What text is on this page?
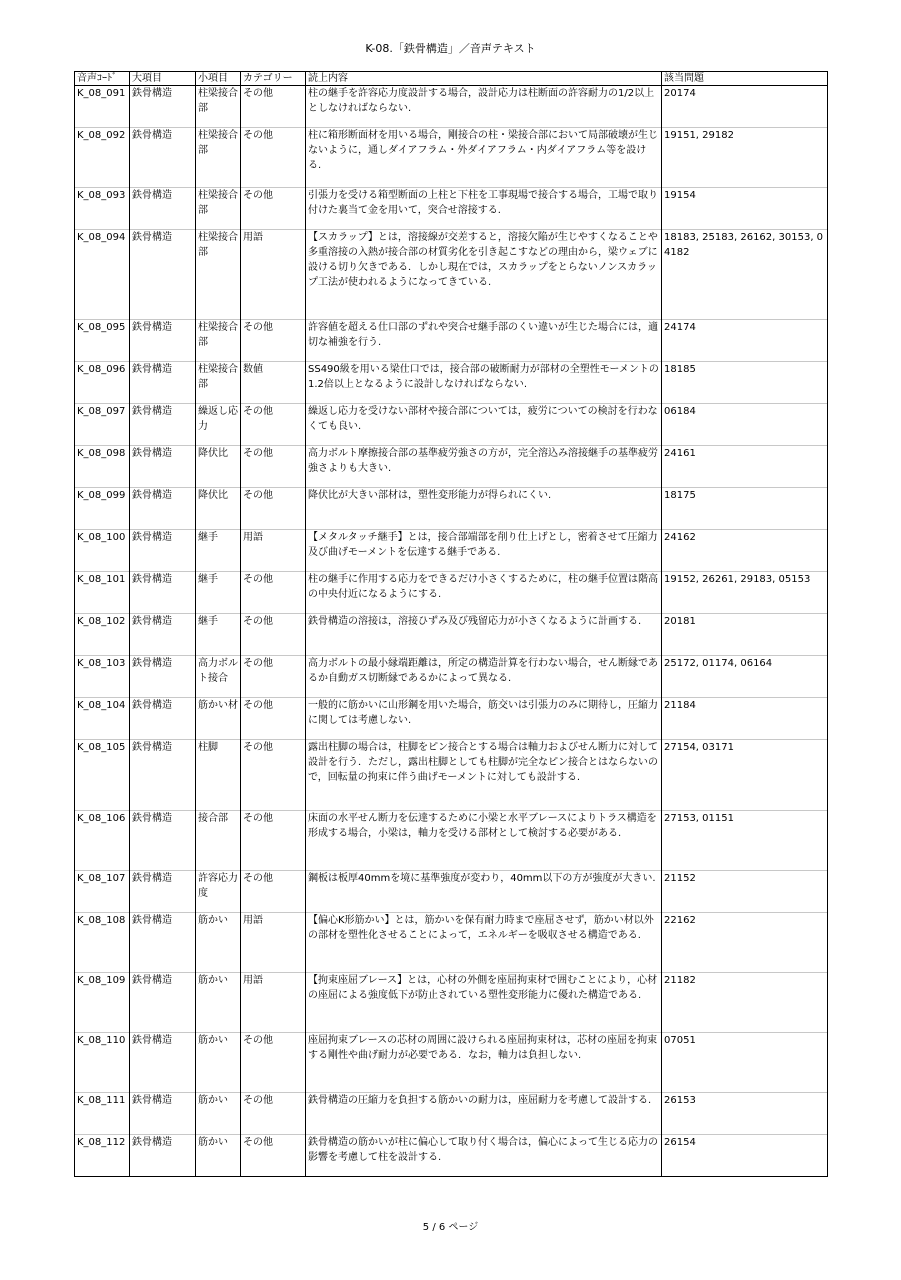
K-08.「鉄骨構造」／音声テキスト
音声ｺｰﾄﾞ	大項目	小項目	カテゴリー	読上内容	該当問題
K_08_091	鉄骨構造	柱梁接合部	その他	柱の継手を許容応力度設計する場合，設計応力は柱断面の許容耐力の1/2以上としなければならない.	20174
K_08_092	鉄骨構造	柱梁接合部	その他	柱に箱形断面材を用いる場合，剛接合の柱・梁接合部において局部破壊が生じないように，通しダイアフラム・外ダイアフラム・内ダイアフラム等を設ける.	19151, 29182
K_08_093	鉄骨構造	柱梁接合部	その他	引張力を受ける箱型断面の上柱と下柱を工事現場で接合する場合，工場で取り付けた裏当て金を用いて，突合せ溶接する.	19154
K_08_094	鉄骨構造	柱梁接合部	用語	【スカラップ】とは，溶接線が交差すると，溶接欠陥が生じやすくなることや多重溶接の入熱が接合部の材質劣化を引き起こすなどの理由から，梁ウェブに設ける切り欠きである．しかし現在では，スカラップをとらないノンスカラップ工法が使われるようになってきている.	18183, 25183, 26162, 30153, 04182
K_08_095	鉄骨構造	柱梁接合部	その他	許容値を超える仕口部のずれや突合せ継手部のくい違いが生じた場合には，適切な補強を行う.	24174
K_08_096	鉄骨構造	柱梁接合部	数値	SS490級を用いる梁仕口では，接合部の破断耐力が部材の全塑性モーメントの1.2倍以上となるように設計しなければならない.	18185
K_08_097	鉄骨構造	繰返し応力	その他	繰返し応力を受けない部材や接合部については，疲労についての検討を行わなくても良い.	06184
K_08_098	鉄骨構造	降伏比	その他	高力ボルト摩擦接合部の基準疲労強さの方が，完全溶込み溶接継手の基準疲労強さよりも大きい.	24161
K_08_099	鉄骨構造	降伏比	その他	降伏比が大きい部材は，塑性変形能力が得られにくい.	18175
K_08_100	鉄骨構造	継手	用語	【メタルタッチ継手】とは，接合部端部を削り仕上げとし，密着させて圧縮力及び曲げモーメントを伝達する継手である.	24162
K_08_101	鉄骨構造	継手	その他	柱の継手に作用する応力をできるだけ小さくするために，柱の継手位置は階高の中央付近になるようにする.	19152, 26261, 29183, 05153
K_08_102	鉄骨構造	継手	その他	鉄骨構造の溶接は，溶接ひずみ及び残留応力が小さくなるように計画する.	20181
K_08_103	鉄骨構造	高力ボルト接合	その他	高力ボルトの最小縁端距離は，所定の構造計算を行わない場合，せん断縁であるか自動ガス切断縁であるかによって異なる.	25172, 01174, 06164
K_08_104	鉄骨構造	筋かい材	その他	一般的に筋かいに山形鋼を用いた場合，筋交いは引張力のみに期待し，圧縮力に関しては考慮しない.	21184
K_08_105	鉄骨構造	柱脚	その他	露出柱脚の場合は，柱脚をピン接合とする場合は軸力およびせん断力に対して設計を行う．ただし，露出柱脚としても柱脚が完全なピン接合とはならないので，回転量の拘束に伴う曲げモーメントに対しても設計する.	27154, 03171
K_08_106	鉄骨構造	接合部	その他	床面の水平せん断力を伝達するために小梁と水平ブレースによりトラス構造を形成する場合，小梁は，軸力を受ける部材として検討する必要がある.	27153, 01151
K_08_107	鉄骨構造	許容応力度	その他	鋼板は板厚40mmを境に基準強度が変わり，40mm以下の方が強度が大きい.	21152
K_08_108	鉄骨構造	筋かい	用語	【偏心K形筋かい】とは，筋かいを保有耐力時まで座屈させず，筋かい材以外の部材を塑性化させることによって，エネルギーを吸収させる構造である.	22162
K_08_109	鉄骨構造	筋かい	用語	【拘束座屈ブレース】とは，心材の外側を座屈拘束材で囲むことにより，心材の座屈による強度低下が防止されている塑性変形能力に優れた構造である.	21182
K_08_110	鉄骨構造	筋かい	その他	座屈拘束ブレースの芯材の周囲に設けられる座屈拘束材は，芯材の座屈を拘束する剛性や曲げ耐力が必要である．なお，軸力は負担しない.	07051
K_08_111	鉄骨構造	筋かい	その他	鉄骨構造の圧縮力を負担する筋かいの耐力は，座屈耐力を考慮して設計する.	26153
K_08_112	鉄骨構造	筋かい	その他	鉄骨構造の筋かいが柱に偏心して取り付く場合は，偏心によって生じる応力の影響を考慮して柱を設計する.	26154
5 / 6 ページ
